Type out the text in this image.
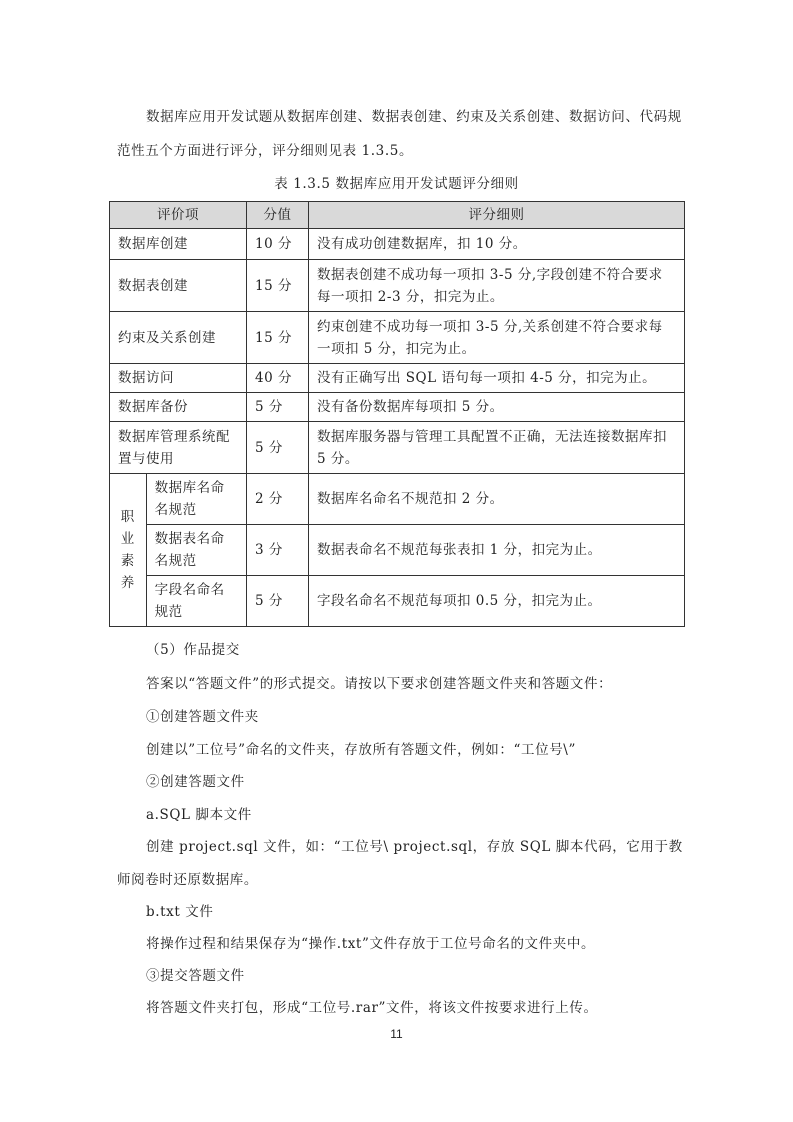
数据库应用开发试题从数据库创建、数据表创建、约束及关系创建、数据访问、代码规
范性五个方面进行评分，评分细则见表 1.3.5。
表 1.3.5 数据库应用开发试题评分细则
评价项		分值	评分细则
数据库创建		10 分	没有成功创建数据库，扣 10 分。
数据表创建		15 分	数据表创建不成功每一项扣 3-5 分,字段创建不符合要求每一项扣 2-3 分，扣完为止。
约束及关系创建		15 分	约束创建不成功每一项扣 3-5 分,关系创建不符合要求每一项扣 5 分，扣完为止。
数据访问		40 分	没有正确写出 SQL 语句每一项扣 4-5 分，扣完为止。
数据库备份		5 分	没有备份数据库每项扣 5 分。
数据库管理系统配置与使用		5 分	数据库服务器与管理工具配置不正确，无法连接数据库扣 5 分。

职
业
素
养	数据库名命名规范	2 分	数据库名命名不规范扣 2 分。
	数据表名命名规范	3 分	数据表命名不规范每张表扣 1 分，扣完为止。
	字段名命名规范	5 分	字段名命名不规范每项扣 0.5 分，扣完为止。
（5）作品提交
答案以“答题文件”的形式提交。请按以下要求创建答题文件夹和答题文件：
①创建答题文件夹
创建以”工位号”命名的文件夹，存放所有答题文件，例如：“工位号\”
②创建答题文件
a.SQL 脚本文件
创建 project.sql 文件，如：“工位号\ project.sql，存放 SQL 脚本代码，它用于教
师阅卷时还原数据库。
b.txt 文件
将操作过程和结果保存为“操作.txt”文件存放于工位号命名的文件夹中。
③提交答题文件
将答题文件夹打包，形成“工位号.rar”文件，将该文件按要求进行上传。
11
